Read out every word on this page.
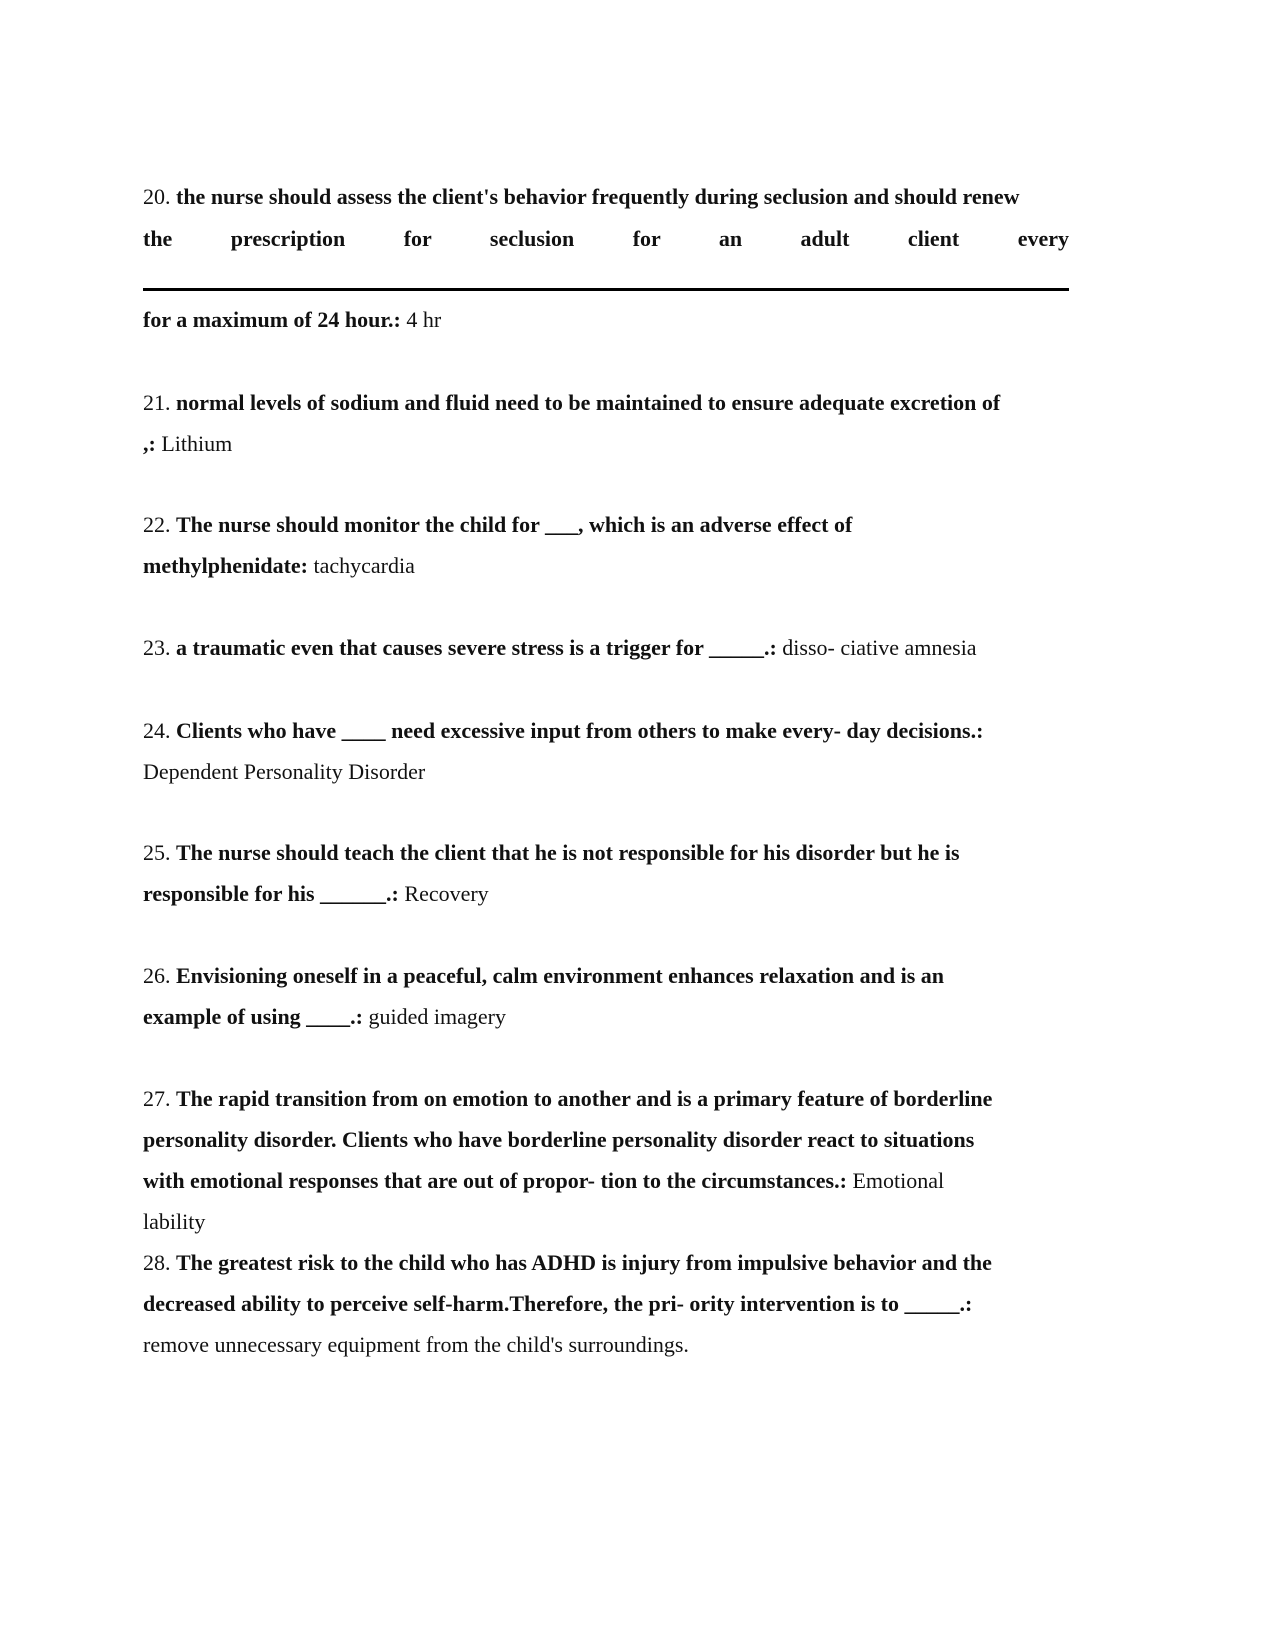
20. the nurse should assess the client's behavior frequently during seclusion and should renew
the prescription for seclusion for an adult client every
for a maximum of 24 hour.: 4 hr
21. normal levels of sodium and fluid need to be maintained to ensure adequate excretion of
,: Lithium
22. The nurse should monitor the child for ___, which is an adverse effect of
methylphenidate: tachycardia
23. a traumatic even that causes severe stress is a trigger for _____.: disso- ciative amnesia
24. Clients who have ____ need excessive input from others to make every- day decisions.:
Dependent Personality Disorder
25. The nurse should teach the client that he is not responsible for his disorder but he is
responsible for his ______.: Recovery
26. Envisioning oneself in a peaceful, calm environment enhances relaxation and is an
example of using ____.: guided imagery
27. The rapid transition from on emotion to another and is a primary feature of borderline
personality disorder. Clients who have borderline personality disorder react to situations
with emotional responses that are out of propor- tion to the circumstances.: Emotional
lability
28. The greatest risk to the child who has ADHD is injury from impulsive behavior and the
decreased ability to perceive self-harm.Therefore, the pri- ority intervention is to _____.:
remove unnecessary equipment from the child's surroundings.
